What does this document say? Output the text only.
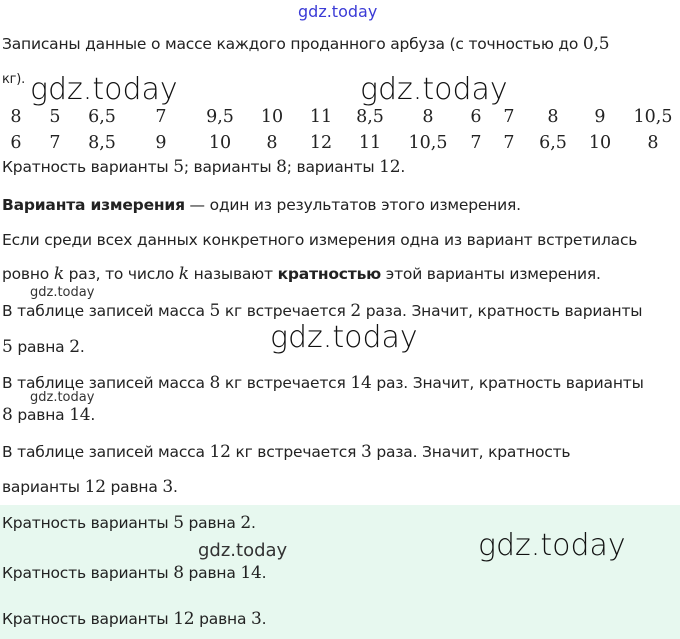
gdz.today
Записаны данные о массе каждого проданного арбуза (с точностью до 0,5
кг). gdz.today	gdz.today
8 5 6,5 7 9,5 10 11 8,5 8 6 7 8 9 10,5
6 7 8,5 9 10 8 12 11 10,5 7 7 6,5 10 8
Кратность варианты 5; варианты 8; варианты 12.
Варианта измерения — один из результатов этого измерения.
Если среди всех данных конкретного измерения одна из вариант встретилась
ровно k раз, то число k называют кратностью этой варианты измерения.
gdz.today
В таблице записей масса 5 кг встречается 2 раза. Значит, кратность варианты
5 равна 2.	gdz.today
В таблице записей масса 8 кг встречается 14 раз. Значит, кратность варианты
gdz.today
8 равна 14.
В таблице записей масса 12 кг встречается 3 раза. Значит, кратность
варианты 12 равна 3.
Кратность варианты 5 равна 2.
gdz.today	gdz.today
Кратность варианты 8 равна 14.
Кратность варианты 12 равна 3.
